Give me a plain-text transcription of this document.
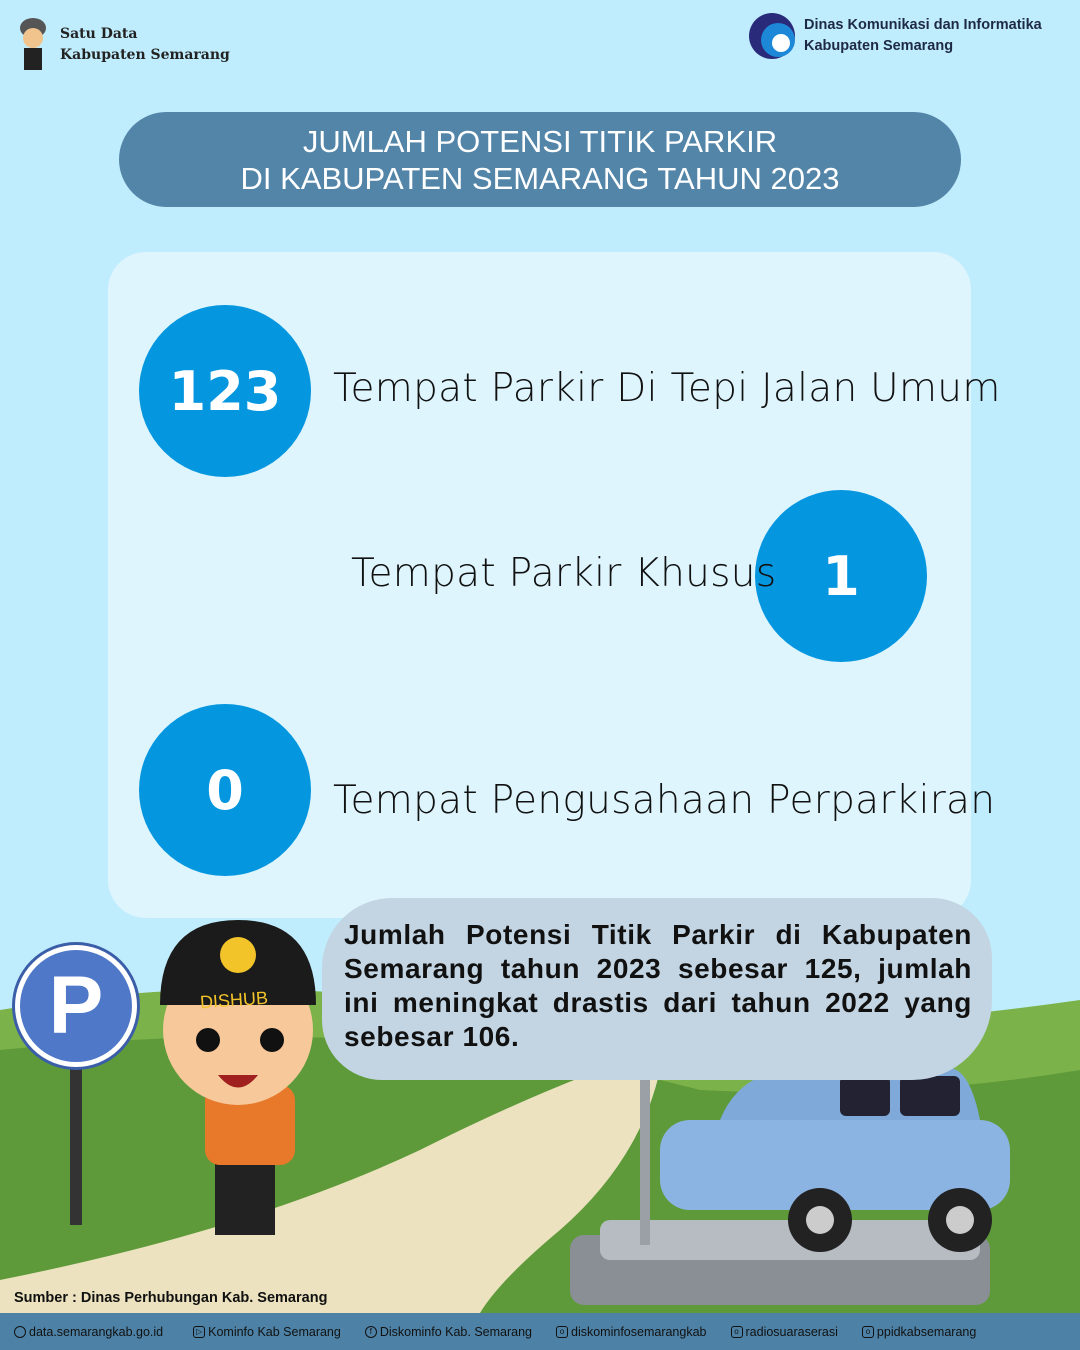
P	DISHUB
Satu Data
Kabupaten Semarang
Dinas Komunikasi dan Informatika
Kabupaten Semarang
JUMLAH POTENSI TITIK PARKIR
DI KABUPATEN SEMARANG TAHUN 2023
123	Tempat Parkir Di Tepi Jalan Umum
1
Tempat Parkir Khusus
0	Tempat Pengusahaan Perparkiran

Jumlah Potensi Titik Parkir di Kabupaten Semarang tahun 2023 sebesar 125, jumlah ini meningkat drastis dari tahun 2022 yang sebesar 106.

Sumber : Dinas Perhubungan Kab. Semarang
data.semarangkab.go.id	▷ Kominfo Kab Semarang	f Diskominfo Kab. Semarang	o diskominfosemarangkab	o radiosuaraserasi	o ppidkabsemarang
